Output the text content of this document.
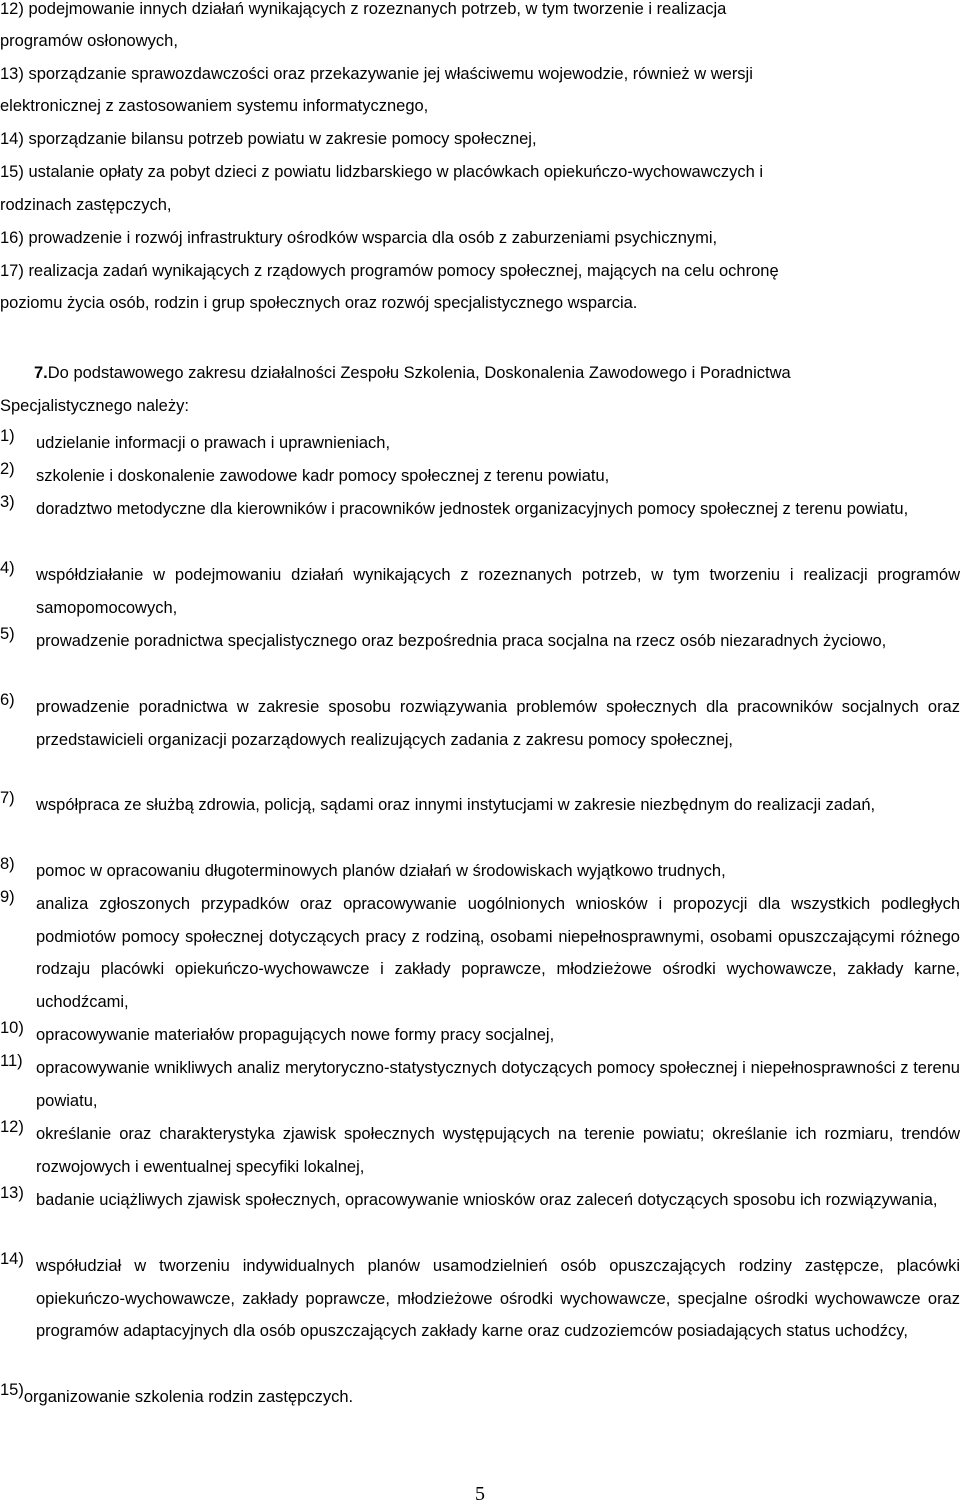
12) podejmowanie innych działań wynikających z rozeznanych potrzeb, w tym tworzenie i realizacja
programów osłonowych,
13) sporządzanie sprawozdawczości oraz przekazywanie jej właściwemu wojewodzie, również w wersji
elektronicznej z zastosowaniem systemu informatycznego,
14) sporządzanie bilansu potrzeb powiatu w zakresie pomocy społecznej,
15) ustalanie opłaty za pobyt dzieci z powiatu lidzbarskiego w placówkach opiekuńczo-wychowawczych i
rodzinach zastępczych,
16) prowadzenie i rozwój infrastruktury ośrodków wsparcia dla osób z zaburzeniami psychicznymi,
17) realizacja zadań wynikających z rządowych programów pomocy społecznej, mających na celu ochronę
poziomu życia osób, rodzin i grup społecznych oraz rozwój specjalistycznego wsparcia.
7.Do podstawowego zakresu działalności Zespołu Szkolenia, Doskonalenia Zawodowego i Poradnictwa
Specjalistycznego należy:
1)	udzielanie informacji o prawach i uprawnieniach,
2)	szkolenie i doskonalenie zawodowe kadr pomocy społecznej z terenu powiatu,
3)	doradztwo metodyczne dla kierowników i pracowników jednostek organizacyjnych pomocy społecznej z terenu powiatu,
4)	współdziałanie w podejmowaniu działań wynikających z rozeznanych potrzeb, w tym tworzeniu i realizacji programów samopomocowych,
5)	prowadzenie poradnictwa specjalistycznego oraz bezpośrednia praca socjalna na rzecz osób niezaradnych życiowo,
6)	prowadzenie poradnictwa w zakresie sposobu rozwiązywania problemów społecznych dla pracowników socjalnych oraz przedstawicieli organizacji pozarządowych realizujących zadania z zakresu pomocy społecznej,
7)	współpraca ze służbą zdrowia, policją, sądami oraz innymi instytucjami w zakresie niezbędnym do realizacji zadań,
8)	pomoc w opracowaniu długoterminowych planów działań w środowiskach wyjątkowo trudnych,
9)	analiza zgłoszonych przypadków oraz opracowywanie uogólnionych wniosków i propozycji dla wszystkich podległych podmiotów pomocy społecznej dotyczących pracy z rodziną, osobami niepełnosprawnymi, osobami opuszczającymi różnego rodzaju placówki opiekuńczo-wychowawcze i zakłady poprawcze, młodzieżowe ośrodki wychowawcze, zakłady karne, uchodźcami,
10) opracowywanie materiałów propagujących nowe formy pracy socjalnej,
11) opracowywanie wnikliwych analiz merytoryczno-statystycznych dotyczących pomocy społecznej i niepełnosprawności z terenu powiatu,
12) określanie oraz charakterystyka zjawisk społecznych występujących na terenie powiatu; określanie ich rozmiaru, trendów rozwojowych i ewentualnej specyfiki lokalnej,
13) badanie uciążliwych zjawisk społecznych, opracowywanie wniosków oraz zaleceń dotyczących sposobu ich rozwiązywania,
14) współudział w tworzeniu indywidualnych planów usamodzielnień osób opuszczających rodziny zastępcze, placówki opiekuńczo-wychowawcze, zakłady poprawcze, młodzieżowe ośrodki wychowawcze, specjalne ośrodki wychowawcze oraz programów adaptacyjnych dla osób opuszczających zakłady karne oraz cudzoziemców posiadających status uchodźcy,
15) organizowanie szkolenia rodzin zastępczych.
5
